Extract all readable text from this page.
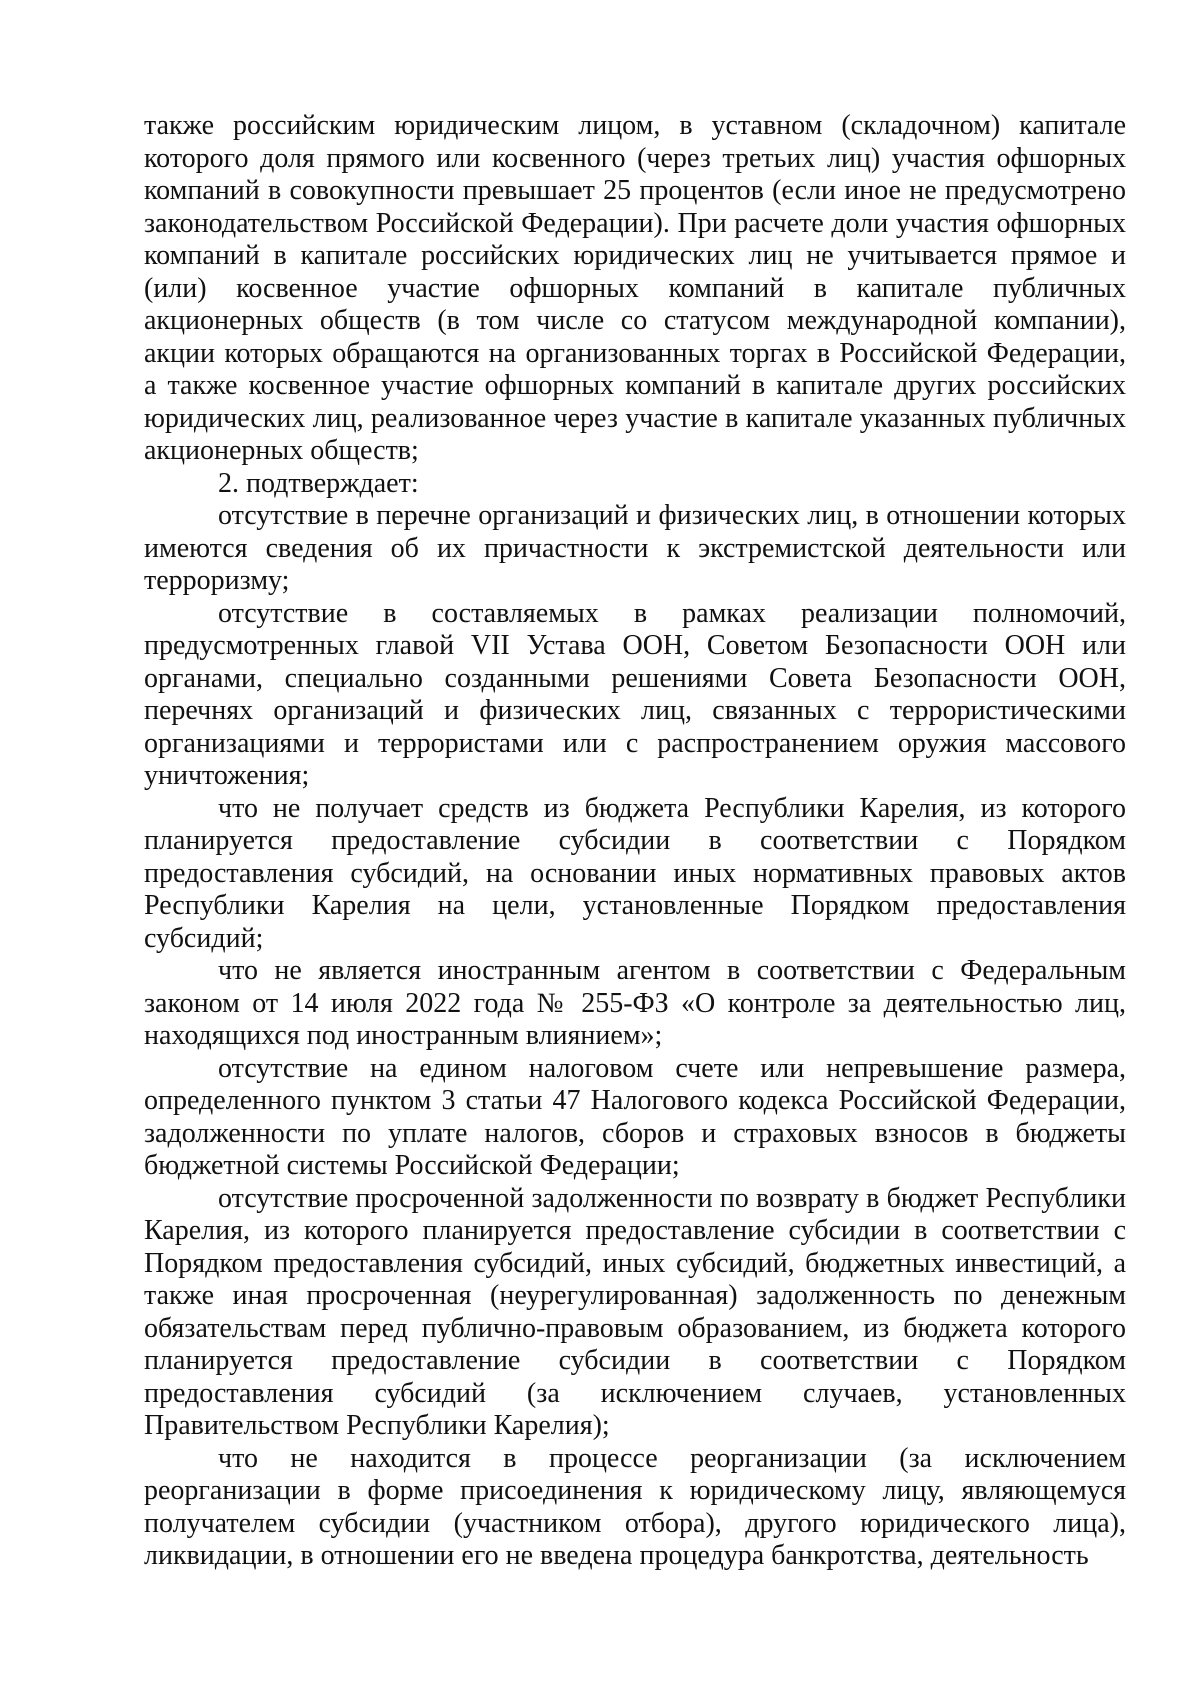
также российским юридическим лицом, в уставном (складочном) капитале которого доля прямого или косвенного (через третьих лиц) участия офшорных компаний в совокупности превышает 25 процентов (если иное не предусмотрено законодательством Российской Федерации). При расчете доли участия офшорных компаний в капитале российских юридических лиц не учитывается прямое и (или) косвенное участие офшорных компаний в капитале публичных акционерных обществ (в том числе со статусом международной компании), акции которых обращаются на организованных торгах в Российской Федерации, а также косвенное участие офшорных компаний в капитале других российских юридических лиц, реализованное через участие в капитале указанных публичных акционерных обществ;

2. подтверждает:

отсутствие в перечне организаций и физических лиц, в отношении которых имеются сведения об их причастности к экстремистской деятельности или терроризму;

отсутствие в составляемых в рамках реализации полномочий, предусмотренных главой VII Устава ООН, Советом Безопасности ООН или органами, специально созданными решениями Совета Безопасности ООН, перечнях организаций и физических лиц, связанных с террористическими организациями и террористами или с распространением оружия массового уничтожения;

что не получает средств из бюджета Республики Карелия, из которого планируется предоставление субсидии в соответствии с Порядком предоставления субсидий, на основании иных нормативных правовых актов Республики Карелия на цели, установленные Порядком предоставления субсидий;

что не является иностранным агентом в соответствии с Федеральным законом от 14 июля 2022 года № 255-ФЗ «О контроле за деятельностью лиц, находящихся под иностранным влиянием»;

отсутствие на едином налоговом счете или непревышение размера, определенного пунктом 3 статьи 47 Налогового кодекса Российской Федерации, задолженности по уплате налогов, сборов и страховых взносов в бюджеты бюджетной системы Российской Федерации;

отсутствие просроченной задолженности по возврату в бюджет Республики Карелия, из которого планируется предоставление субсидии в соответствии с Порядком предоставления субсидий, иных субсидий, бюджетных инвестиций, а также иная просроченная (неурегулированная) задолженность по денежным обязательствам перед публично-правовым образованием, из бюджета которого планируется предоставление субсидии в соответствии с Порядком предоставления субсидий (за исключением случаев, установленных Правительством Республики Карелия);

что не находится в процессе реорганизации (за исключением реорганизации в форме присоединения к юридическому лицу, являющемуся получателем субсидии (участником отбора), другого юридического лица), ликвидации, в отношении его не введена процедура банкротства, деятельность
